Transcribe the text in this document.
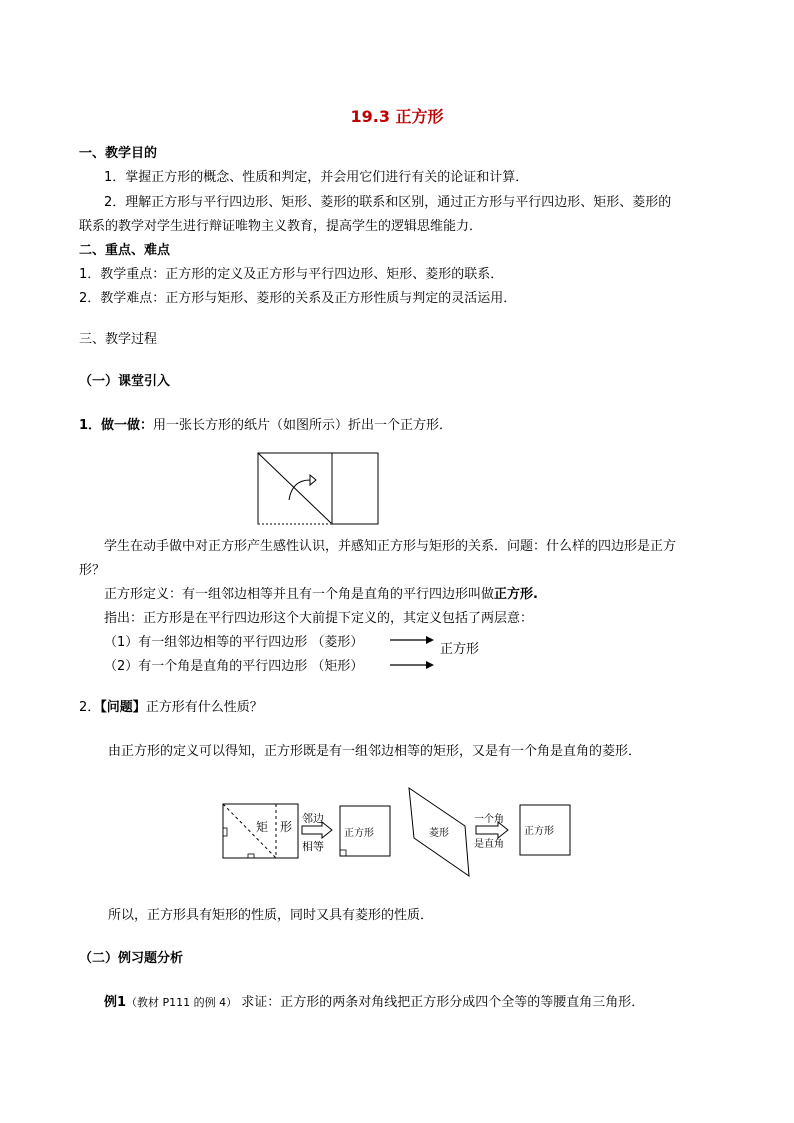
19.3 正方形
一、教学目的
1．掌握正方形的概念、性质和判定，并会用它们进行有关的论证和计算．
2．理解正方形与平行四边形、矩形、菱形的联系和区别，通过正方形与平行四边形、矩形、菱形的
联系的教学对学生进行辩证唯物主义教育，提高学生的逻辑思维能力．
二、重点、难点
1．教学重点：正方形的定义及正方形与平行四边形、矩形、菱形的联系．
2．教学难点：正方形与矩形、菱形的关系及正方形性质与判定的灵活运用．
三、教学过程
（一）课堂引入
1．做一做：用一张长方形的纸片（如图所示）折出一个正方形．
学生在动手做中对正方形产生感性认识，并感知正方形与矩形的关系．问题：什么样的四边形是正方
形？
正方形定义：有一组邻边相等并且有一个角是直角的平行四边形叫做正方形.
指出：正方形是在平行四边形这个大前提下定义的，其定义包括了两层意：
（1）有一组邻边相等的平行四边形 （菱形）
（2）有一个角是直角的平行四边形 （矩形）
正方形
2．【问题】正方形有什么性质？
由正方形的定义可以得知，正方形既是有一组邻边相等的矩形，又是有一个角是直角的菱形．
矩 形
邻边
相等
正方形	菱形
一个角
是直角
正方形
所以，正方形具有矩形的性质，同时又具有菱形的性质．
（二）例习题分析
例1（教材 P111 的例 4） 求证：正方形的两条对角线把正方形分成四个全等的等腰直角三角形．
